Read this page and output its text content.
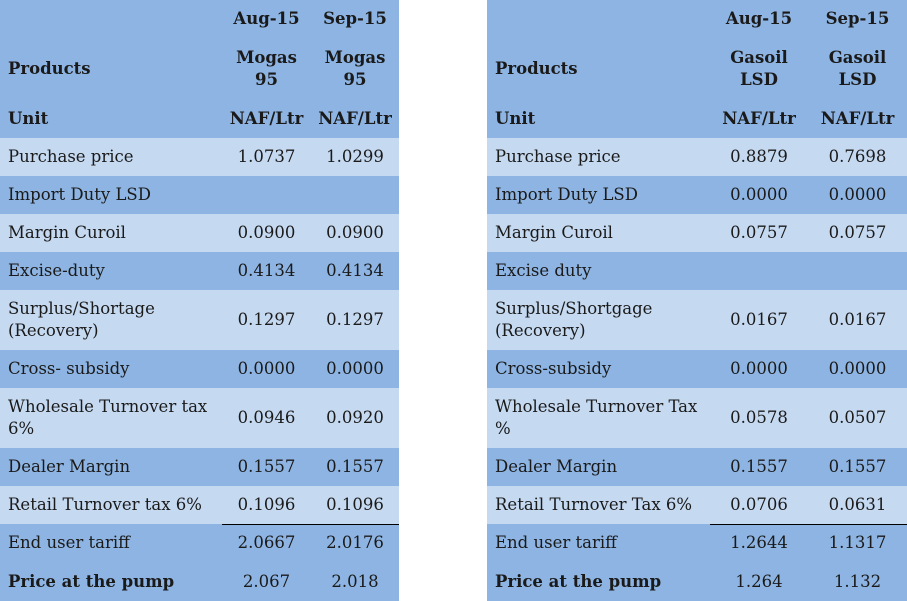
	Aug-15	Sep-15
Products	Mogas 95	Mogas 95
Unit	NAF/Ltr	NAF/Ltr
Purchase price	1.0737	1.0299
Import Duty LSD		
Margin Curoil	0.0900	0.0900
Excise-duty	0.4134	0.4134
Surplus/Shortage (Recovery)	0.1297	0.1297
Cross- subsidy	0.0000	0.0000
Wholesale Turnover tax 6%	0.0946	0.0920
Dealer Margin	0.1557	0.1557
Retail Turnover tax 6%	0.1096	0.1096
End user tariff	2.0667	2.0176
Price at the pump	2.067	2.018
	Aug-15	Sep-15
Products	Gasoil LSD	Gasoil LSD
Unit	NAF/Ltr	NAF/Ltr
Purchase price	0.8879	0.7698
Import Duty LSD	0.0000	0.0000
Margin Curoil	0.0757	0.0757
Excise duty		
Surplus/Shortgage (Recovery)	0.0167	0.0167
Cross-subsidy	0.0000	0.0000
Wholesale Turnover Tax %	0.0578	0.0507
Dealer Margin	0.1557	0.1557
Retail Turnover Tax 6%	0.0706	0.0631
End user tariff	1.2644	1.1317
Price at the pump	1.264	1.132
